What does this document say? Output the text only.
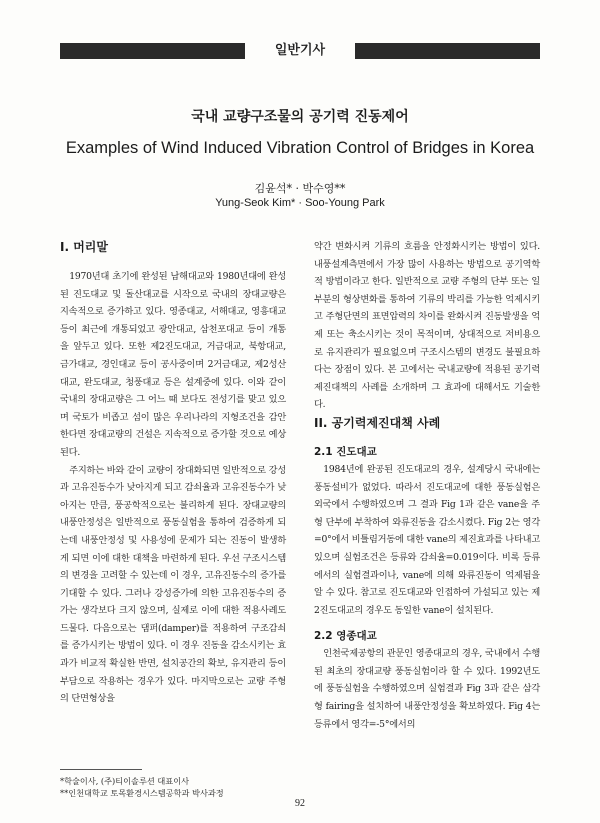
일반기사
국내 교량구조물의 공기력 진동제어
Examples of Wind Induced Vibration Control of Bridges in Korea
김윤석* · 박수영**
Yung-Seok Kim* · Soo-Young Park
I. 머리말

1970년대 초기에 완성된 남해대교와 1980년대에 완성된 진도대교 및 돌산대교를 시작으로 국내의 장대교량은 지속적으로 증가하고 있다. 영종대교, 서해대교, 영흥대교 등이 최근에 개통되었고 광안대교, 삼천포대교 등이 개통을 앞두고 있다. 또한 제2진도대교, 거금대교, 북항대교, 금가대교, 경인대교 등이 공사중이며 2거금대교, 제2성산대교, 완도대교, 청풍대교 등은 설계중에 있다. 이와 같이 국내의 장대교량은 그 어느 때 보다도 전성기를 맞고 있으며 국토가 비좁고 섬이 많은 우리나라의 지형조건을 감안한다면 장대교량의 건설은 지속적으로 증가할 것으로 예상된다.

주지하는 바와 같이 교량이 장대화되면 일반적으로 강성과 고유진동수가 낮아지게 되고 감쇠율과 고유진동수가 낮아지는 만큼, 풍공학적으로는 불리하게 된다. 장대교량의 내풍안정성은 일반적으로 풍동실험을 통하여 검증하게 되는데 내풍안정성 및 사용성에 문제가 되는 진동이 발생하게 되면 이에 대한 대책을 마련하게 된다. 우선 구조시스템의 변경을 고려할 수 있는데 이 경우, 고유진동수의 증가를 기대할 수 있다. 그러나 강성증가에 의한 고유진동수의 증가는 생각보다 크지 않으며, 실제로 이에 대한 적용사례도 드물다. 다음으로는 댐퍼(damper)를 적용하여 구조감쇠를 증가시키는 방법이 있다. 이 경우 진동을 감소시키는 효과가 비교적 확실한 반면, 설치공간의 확보, 유지관리 등이 부담으로 작용하는 경우가 있다. 마지막으로는 교량 주형의 단면형상을

약간 변화시켜 기류의 흐름을 안정화시키는 방법이 있다. 내풍설계측면에서 가장 많이 사용하는 방법으로 공기역학적 방법이라고 한다. 일반적으로 교량 주형의 단부 또는 일부분의 형상변화를 통하여 기류의 박리를 가능한 억제시키고 주형단면의 표면압력의 차이를 완화시켜 진동발생을 억제 또는 축소시키는 것이 목적이며, 상대적으로 저비용으로 유지관리가 필요없으며 구조시스템의 변경도 불필요하다는 장점이 있다. 본 고에서는 국내교량에 적용된 공기력제진대책의 사례를 소개하며 그 효과에 대해서도 기술한다.

II. 공기력제진대책 사례
2.1 진도대교

1984년에 완공된 진도대교의 경우, 설계당시 국내에는 풍동설비가 없었다. 따라서 진도대교에 대한 풍동실험은 외국에서 수행하였으며 그 결과 Fig 1과 같은 vane을 주형 단부에 부착하여 와류진동을 감소시켰다. Fig 2는 영각=0°에서 비틀림거동에 대한 vane의 제진효과를 나타내고 있으며 실험조건은 등류와 감쇠율=0.019이다. 비록 등류에서의 실험결과이나, vane에 의해 와류진동이 억제됨을 알 수 있다. 참고로 진도대교와 인접하여 가설되고 있는 제2진도대교의 경우도 동일한 vane이 설치된다.

2.2 영종대교

인천국제공항의 관문인 영종대교의 경우, 국내에서 수행된 최초의 장대교량 풍동실험이라 할 수 있다. 1992년도에 풍동실험을 수행하였으며 실험결과 Fig 3과 같은 삼각형 fairing을 설치하여 내풍안정성을 확보하였다. Fig 4는 등류에서 영각=-5°에서의

*학술이사, (주)티이솔루션 대표이사
**인천대학교 토목환경시스템공학과 박사과정
92
